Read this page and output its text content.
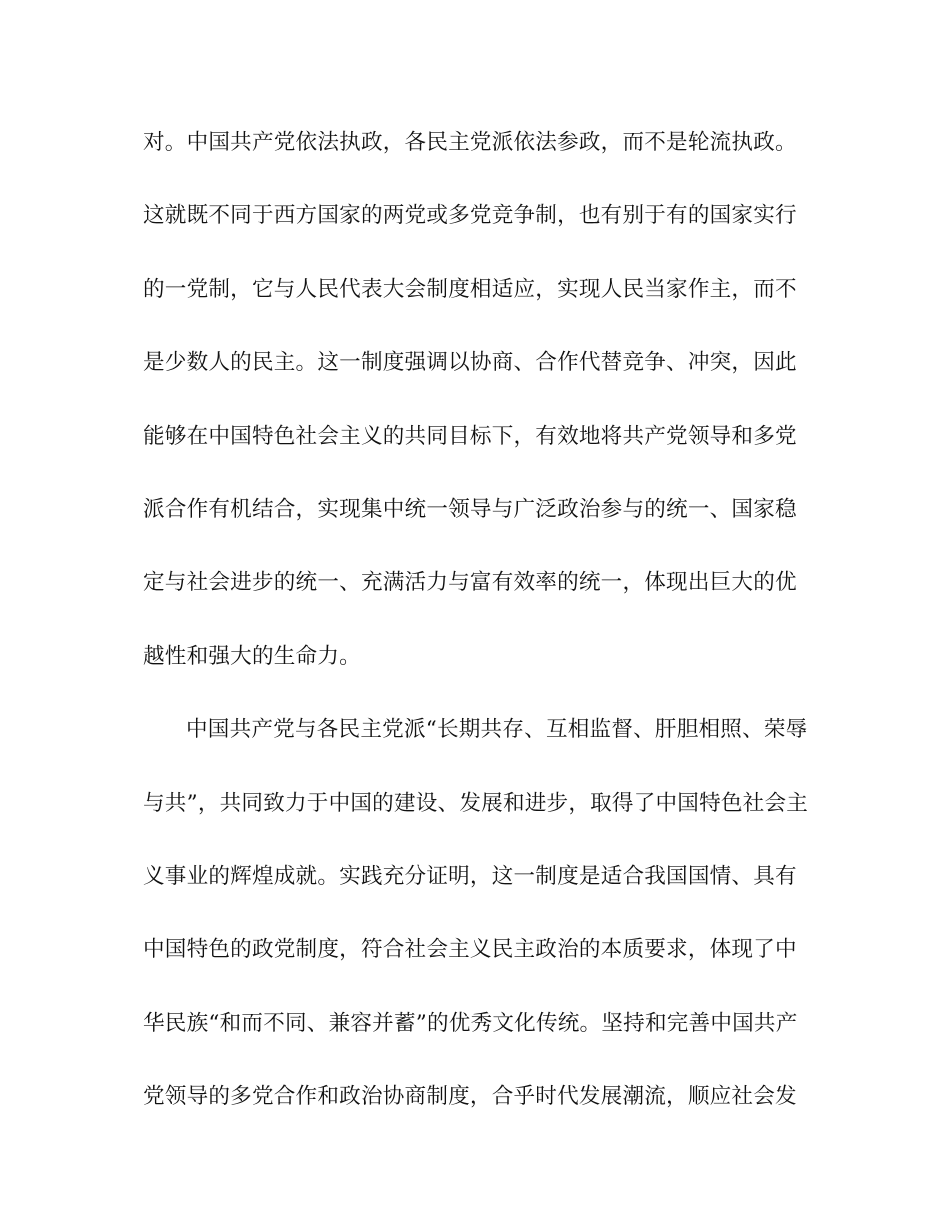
对。中国共产党依法执政，各民主党派依法参政，而不是轮流执政。
这就既不同于西方国家的两党或多党竞争制，也有别于有的国家实行
的一党制，它与人民代表大会制度相适应，实现人民当家作主，而不
是少数人的民主。这一制度强调以协商、合作代替竞争、冲突，因此
能够在中国特色社会主义的共同目标下，有效地将共产党领导和多党
派合作有机结合，实现集中统一领导与广泛政治参与的统一、国家稳
定与社会进步的统一、充满活力与富有效率的统一，体现出巨大的优
越性和强大的生命力。
中国共产党与各民主党派“长期共存、互相监督、肝胆相照、荣辱
与共”，共同致力于中国的建设、发展和进步，取得了中国特色社会主
义事业的辉煌成就。实践充分证明，这一制度是适合我国国情、具有
中国特色的政党制度，符合社会主义民主政治的本质要求，体现了中
华民族“和而不同、兼容并蓄”的优秀文化传统。坚持和完善中国共产
党领导的多党合作和政治协商制度，合乎时代发展潮流，顺应社会发
